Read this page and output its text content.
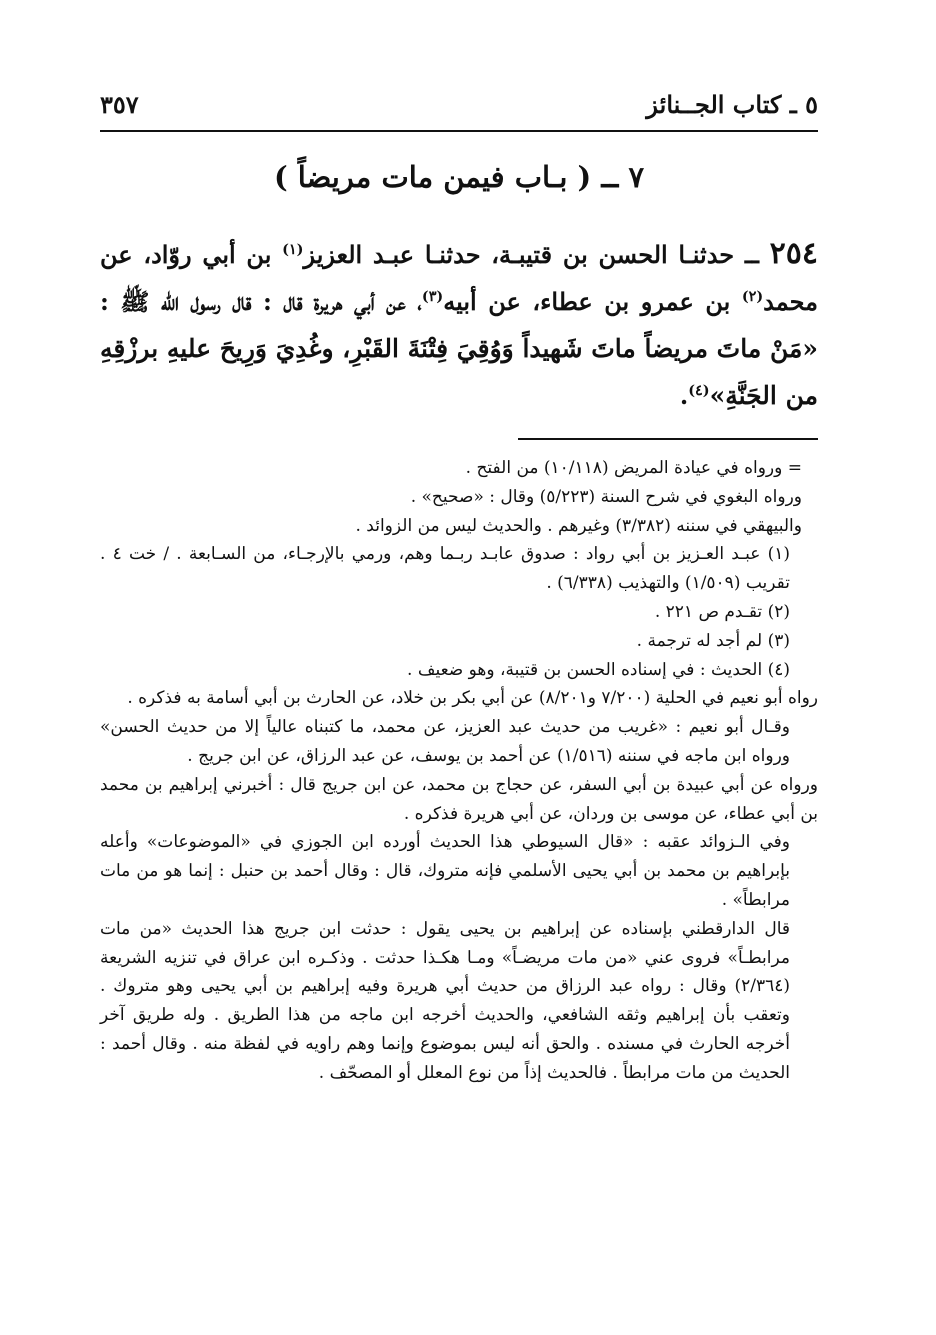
٥ ـ كتاب الجــنائز
٣٥٧
٧ ــ ( بـاب فيمن مات مريضاً )
٢٥٤ ــ حدثنـا الحسن بن قتيبـة، حدثنـا عبـد العزيز$^{(١)}$ بن أبي روّاد، عن محمد$^{(٢)}$ بن عمرو بن عطاء، عن أبيه$^{(٣)}$، عن أبي هريرة قال : قال رسول الله ﷺ : «مَنْ ماتَ مريضاً ماتَ شَهيداً وَوُقِيَ فِتْنَةَ القَبْرِ، وغُدِيَ وَرِيحَ عليهِ برزْقِهِ من الجَنَّةِ»$^{(٤)}$.

= ورواه في عيادة المريض (١٠/١١٨) من الفتح .

ورواه البغوي في شرح السنة (٥/٢٢٣) وقال : «صحيح» .

والبيهقي في سننه (٣/٣٨٢) وغيرهم . والحديث ليس من الزوائد .

(١) عبـد العـزيز بن أبي رواد : صدوق عابـد ربـما وهم، ورمي بالإرجـاء، من السـابعة . / خت ٤ . تقريب (١/٥٠٩) والتهذيب (٦/٣٣٨) .

(٢) تقـدم ص ٢٢١ .

(٣) لم أجد له ترجمة .

(٤) الحديث : في إسناده الحسن بن قتيبة، وهو ضعيف .

رواه أبو نعيم في الحلية (٧/٢٠٠ و٨/٢٠١) عن أبي بكر بن خلاد، عن الحارث بن أبي أسامة به فذكره .

وقـال أبو نعيم : «غريب من حديث عبد العزيز، عن محمد، ما كتبناه عالياً إلا من حديث الحسن» ورواه ابن ماجه في سننه (١/٥١٦) عن أحمد بن يوسف، عن عبد الرزاق، عن ابن جريج .

ورواه عن أبي عبيدة بن أبي السفر، عن حجاج بن محمد، عن ابن جريج قال : أخبرني إبراهيم بن محمد بن أبي عطاء، عن موسى بن وردان، عن أبي هريرة فذكره .

وفي الـزوائد عقبه : «قال السيوطي هذا الحديث أورده ابن الجوزي في «الموضوعات» وأعله بإبراهيم بن محمد بن أبي يحيى الأسلمي فإنه متروك، قال : وقال أحمد بن حنبل : إنما هو من مات مرابطاً» .

قال الدارقطني بإسناده عن إبراهيم بن يحيى يقول : حدثت ابن جريج هذا الحديث «من مات مرابطـاً» فروى عني «من مات مريضـاً» ومـا هكـذا حدثت . وذكـره ابن عراق في تنزيه الشريعة (٢/٣٦٤) وقال : رواه عبد الرزاق من حديث أبي هريرة وفيه إبراهيم بن أبي يحيى وهو متروك . وتعقب بأن إبراهيم وثقه الشافعي، والحديث أخرجه ابن ماجه من هذا الطريق . وله طريق آخر أخرجه الحارث في مسنده . والحق أنه ليس بموضوع وإنما وهم راويه في لفظة منه . وقال أحمد : الحديث من مات مرابطاً . فالحديث إذاً من نوع المعلل أو المصحّف .
